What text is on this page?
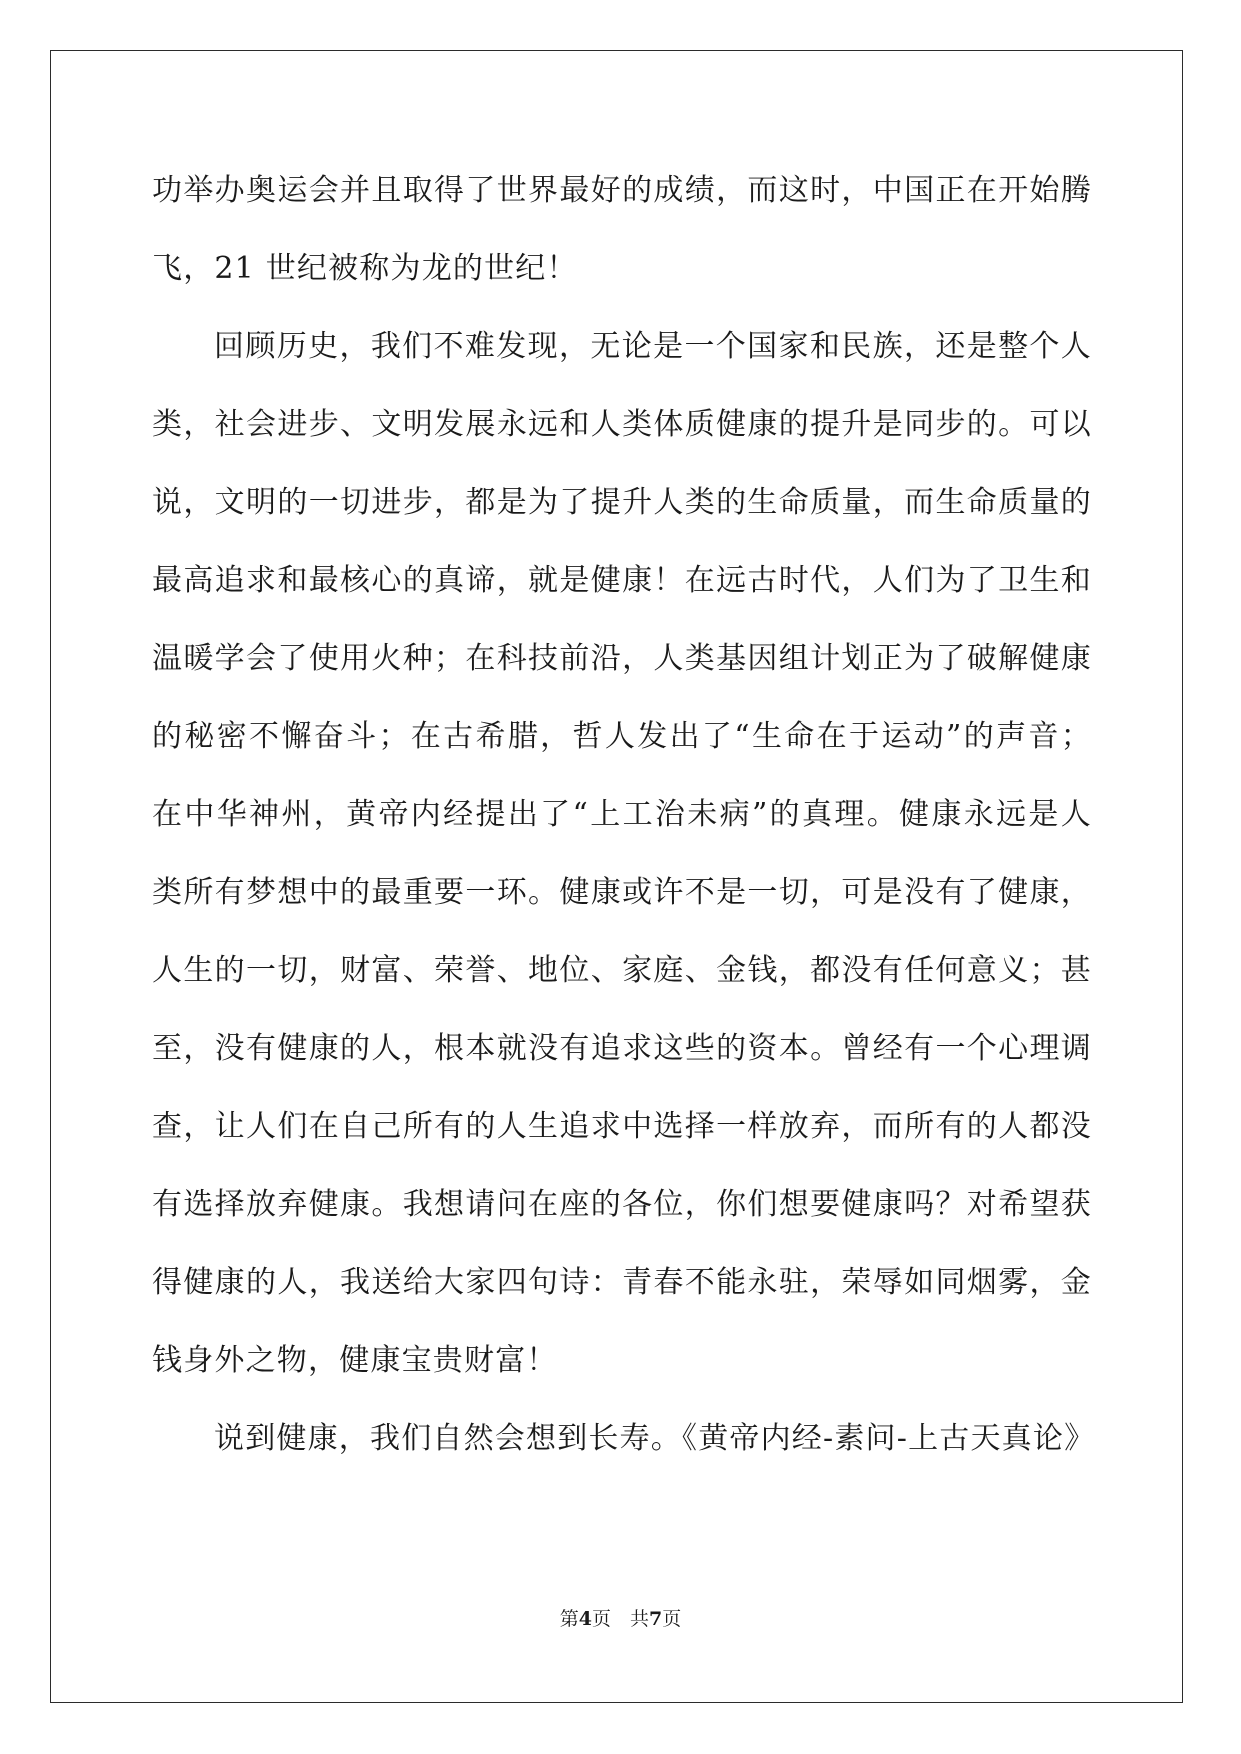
功举办奥运会并且取得了世界最好的成绩，而这时，中国正在开始腾
飞，21 世纪被称为龙的世纪！
回顾历史，我们不难发现，无论是一个国家和民族，还是整个人
类，社会进步、文明发展永远和人类体质健康的提升是同步的。可以
说，文明的一切进步，都是为了提升人类的生命质量，而生命质量的
最高追求和最核心的真谛，就是健康！在远古时代，人们为了卫生和
温暖学会了使用火种；在科技前沿，人类基因组计划正为了破解健康
的秘密不懈奋斗；在古希腊，哲人发出了“生命在于运动”的声音；
在中华神州，黄帝内经提出了“上工治未病”的真理。健康永远是人
类所有梦想中的最重要一环。健康或许不是一切，可是没有了健康，
人生的一切，财富、荣誉、地位、家庭、金钱，都没有任何意义；甚
至，没有健康的人，根本就没有追求这些的资本。曾经有一个心理调
查，让人们在自己所有的人生追求中选择一样放弃，而所有的人都没
有选择放弃健康。我想请问在座的各位，你们想要健康吗？对希望获
得健康的人，我送给大家四句诗：青春不能永驻，荣辱如同烟雾，金
钱身外之物，健康宝贵财富！
说到健康，我们自然会想到长寿。《黄帝内经-素问-上古天真论》
第4页　共7页
